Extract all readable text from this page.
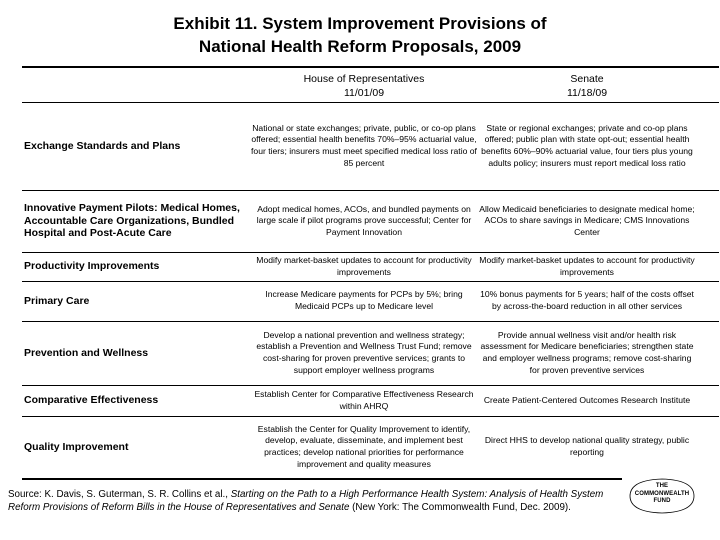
Exhibit 11. System Improvement Provisions of
National Health Reform Proposals, 2009
House of Representatives
11/01/09
Senate
11/18/09
Exchange Standards and Plans
National or state exchanges; private, public, or co-op plans offered; essential health benefits 70%–95% actuarial value, four tiers; insurers must meet specified medical loss ratio of 85 percent
State or regional exchanges; private and co-op plans offered; public plan with state opt-out; essential health benefits 60%–90% actuarial value, four tiers plus young adults policy; insurers must report medical loss ratio
Innovative Payment Pilots: Medical Homes, Accountable Care Organizations, Bundled Hospital and Post-Acute Care
Adopt medical homes, ACOs, and bundled payments on large scale if pilot programs prove successful; Center for Payment Innovation
Allow Medicaid beneficiaries to designate medical home; ACOs to share savings in Medicare; CMS Innovations Center
Productivity Improvements
Modify market-basket updates to account for productivity improvements
Modify market-basket updates to account for productivity improvements
Primary Care
Increase Medicare payments for PCPs by 5%; bring Medicaid PCPs up to Medicare level
10% bonus payments for 5 years; half of the costs offset by across-the-board reduction in all other services
Prevention and Wellness
Develop a national prevention and wellness strategy; establish a Prevention and Wellness Trust Fund; remove cost-sharing for proven preventive services; grants to support employer wellness programs
Provide annual wellness visit and/or health risk assessment for Medicare beneficiaries; strengthen state and employer wellness programs; remove cost-sharing for proven preventive services
Comparative Effectiveness
Establish Center for Comparative Effectiveness Research within AHRQ
Create Patient-Centered Outcomes Research Institute
Quality Improvement
Establish the Center for Quality Improvement to identify, develop, evaluate, disseminate, and implement best practices; develop national priorities for performance improvement and quality measures
Direct HHS to develop national quality strategy, public reporting
Source: K. Davis, S. Guterman, S. R. Collins et al., Starting on the Path to a High Performance Health System: Analysis of Health System Reform Provisions of Reform Bills in the House of Representatives and Senate (New York: The Commonwealth Fund, Dec. 2009).
THE
COMMONWEALTH
FUND
